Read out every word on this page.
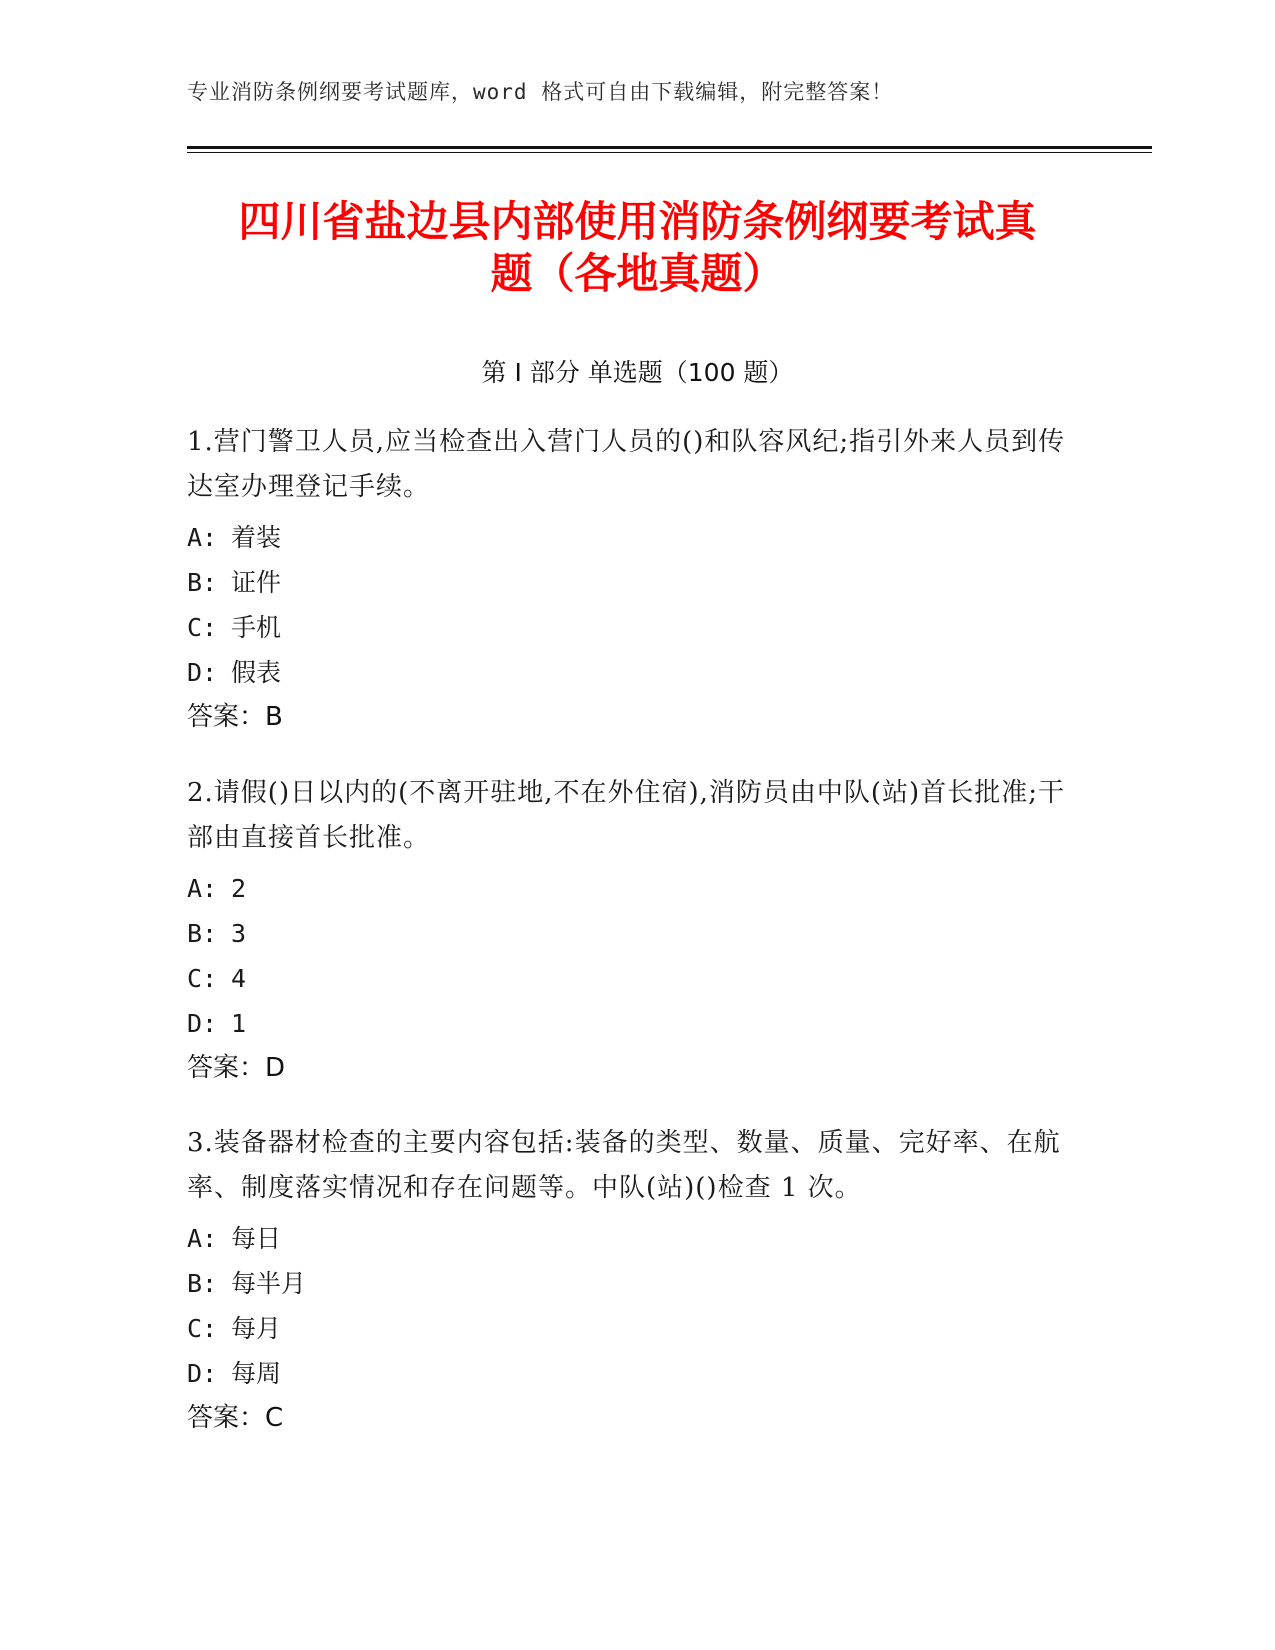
专业消防条例纲要考试题库，word 格式可自由下载编辑，附完整答案！
四川省盐边县内部使用消防条例纲要考试真
题（各地真题）
第 I 部分 单选题（100 题）
1.营门警卫人员,应当检查出入营门人员的()和队容风纪;指引外来人员到传达室办理登记手续。
A: 着装
B: 证件
C: 手机
D: 假表
答案：B
2.请假()日以内的(不离开驻地,不在外住宿),消防员由中队(站)首长批准;干部由直接首长批准。
A: 2
B: 3
C: 4
D: 1
答案：D
3.装备器材检查的主要内容包括:装备的类型、数量、质量、完好率、在航率、制度落实情况和存在问题等。中队(站)()检查 1 次。
A: 每日
B: 每半月
C: 每月
D: 每周
答案：C
